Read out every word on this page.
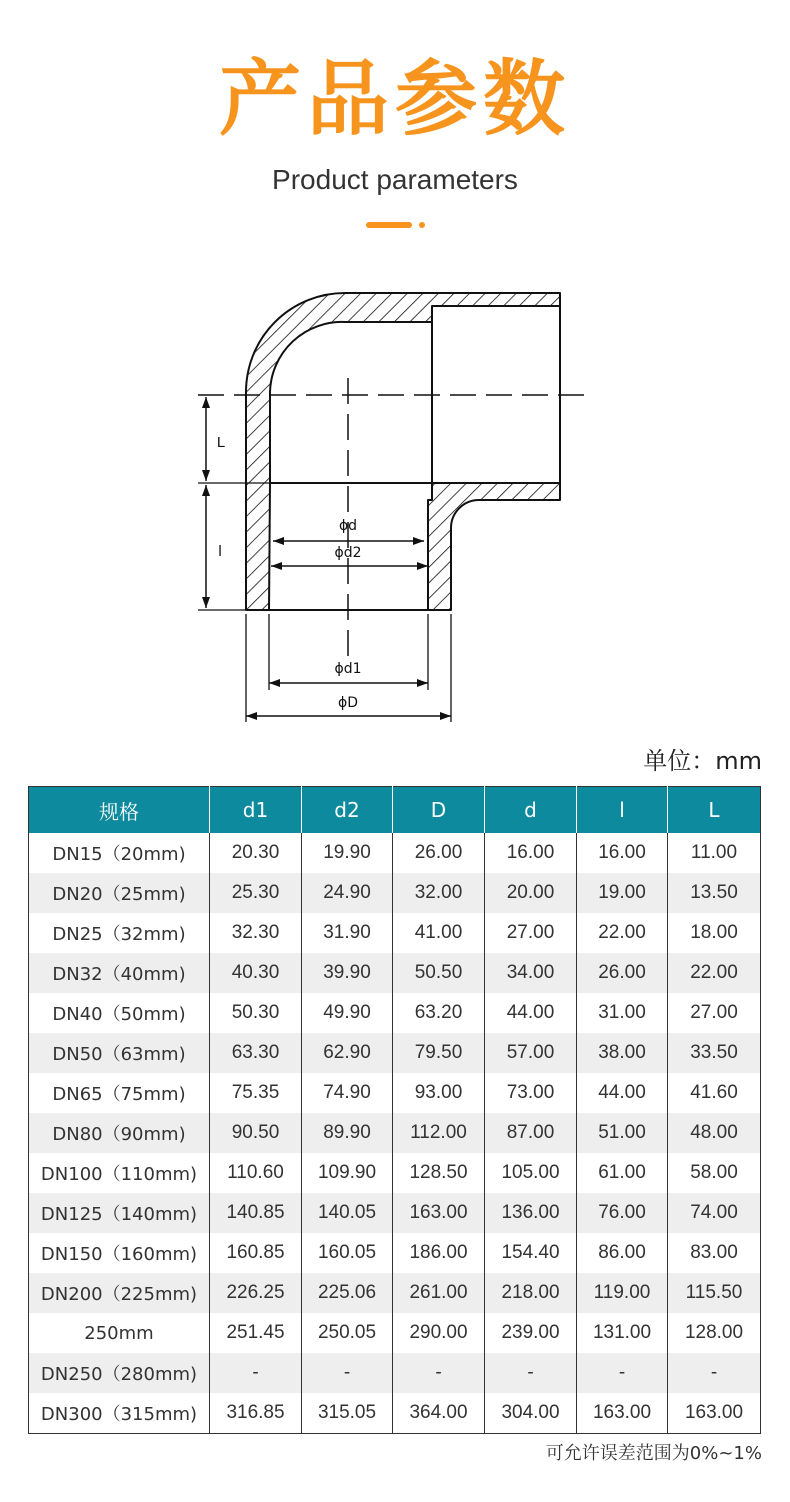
产品参数
Product parameters
L
l
ϕd
ϕd2
ϕd1
ϕD
单位：mm
规格	d1	d2	D	d	l	L
DN15（20mm)	20.30	19.90	26.00	16.00	16.00	11.00
DN20（25mm)	25.30	24.90	32.00	20.00	19.00	13.50
DN25（32mm)	32.30	31.90	41.00	27.00	22.00	18.00
DN32（40mm)	40.30	39.90	50.50	34.00	26.00	22.00
DN40（50mm)	50.30	49.90	63.20	44.00	31.00	27.00
DN50（63mm)	63.30	62.90	79.50	57.00	38.00	33.50
DN65（75mm)	75.35	74.90	93.00	73.00	44.00	41.60
DN80（90mm)	90.50	89.90	112.00	87.00	51.00	48.00
DN100（110mm)	110.60	109.90	128.50	105.00	61.00	58.00
DN125（140mm)	140.85	140.05	163.00	136.00	76.00	74.00
DN150（160mm)	160.85	160.05	186.00	154.40	86.00	83.00
DN200（225mm)	226.25	225.06	261.00	218.00	119.00	115.50
250mm	251.45	250.05	290.00	239.00	131.00	128.00
DN250（280mm)	-	-	-	-	-	-
DN300（315mm)	316.85	315.05	364.00	304.00	163.00	163.00
可允许误差范围为0%~1%
